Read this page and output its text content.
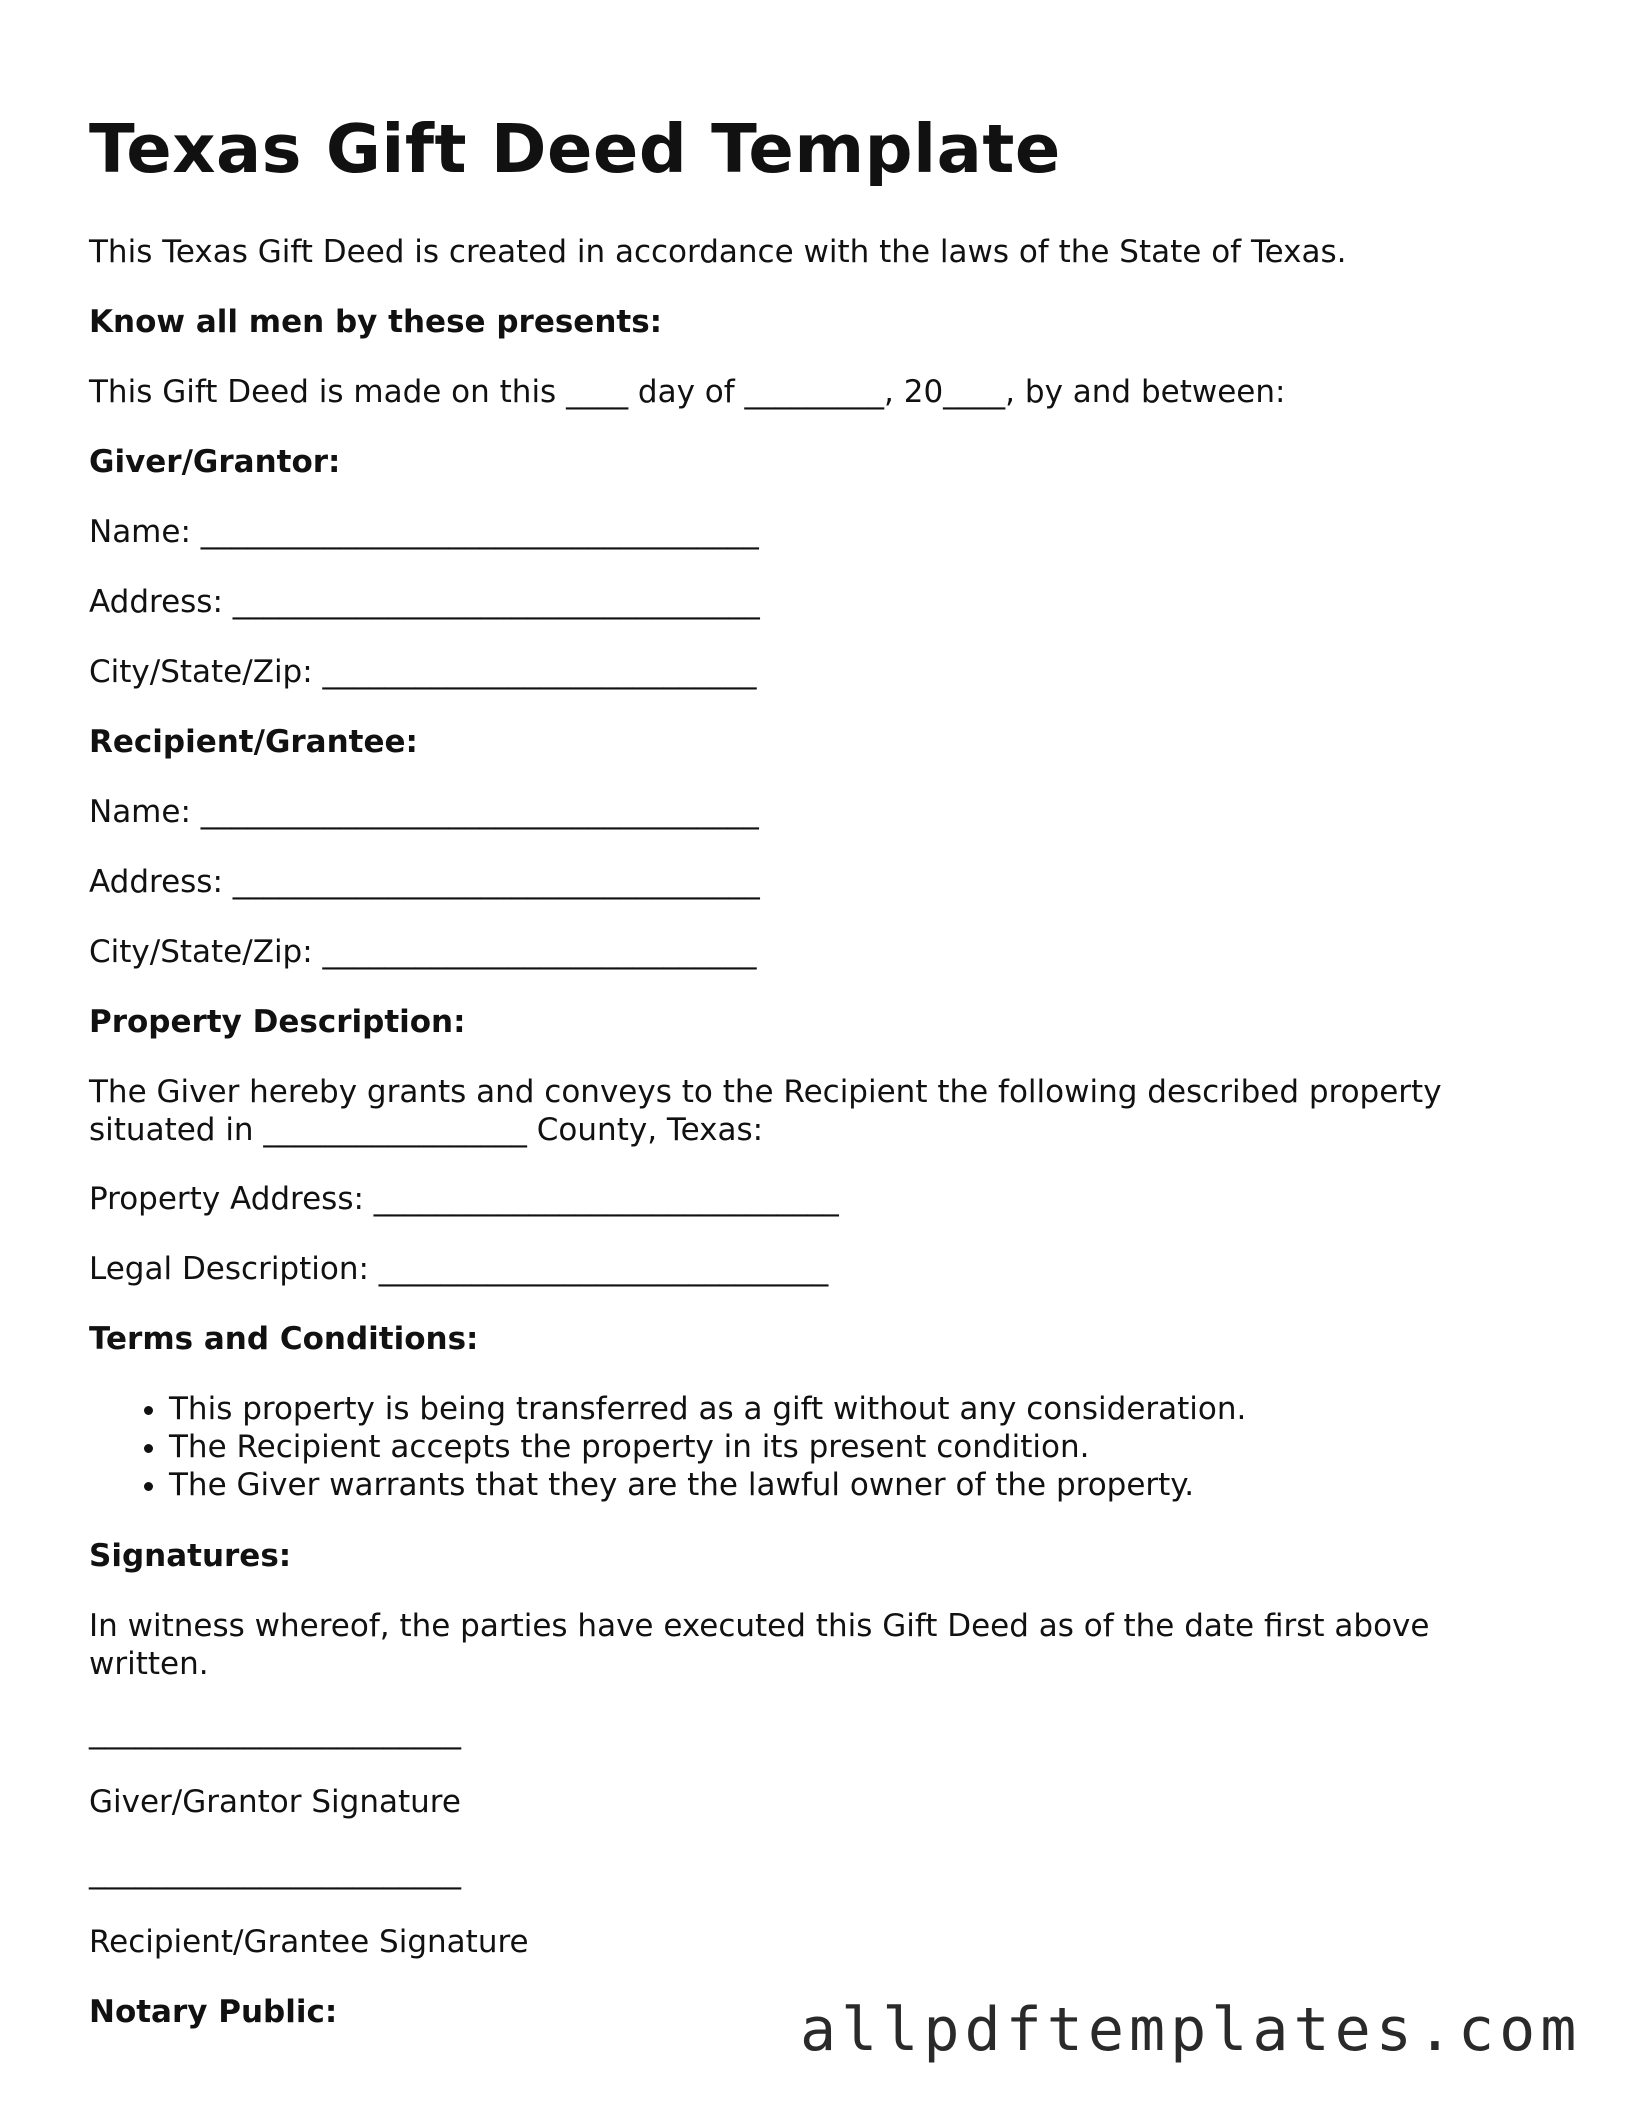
Texas Gift Deed Template

This Texas Gift Deed is created in accordance with the laws of the State of Texas.

Know all men by these presents:

This Gift Deed is made on this ____ day of _________, 20____, by and between:

Giver/Grantor:

Name: ____________________________________

Address: __________________________________

City/State/Zip: ____________________________

Recipient/Grantee:

Name: ____________________________________

Address: __________________________________

City/State/Zip: ____________________________

Property Description:

The Giver hereby grants and conveys to the Recipient the following described property situated in _________________ County, Texas:

Property Address: ______________________________

Legal Description: _____________________________

Terms and Conditions:

• This property is being transferred as a gift without any consideration.
• The Recipient accepts the property in its present condition.
• The Giver warrants that they are the lawful owner of the property.

Signatures:

In witness whereof, the parties have executed this Gift Deed as of the date first above written.

________________________

Giver/Grantor Signature

________________________

Recipient/Grantee Signature

Notary Public:	allpdftemplates.com
